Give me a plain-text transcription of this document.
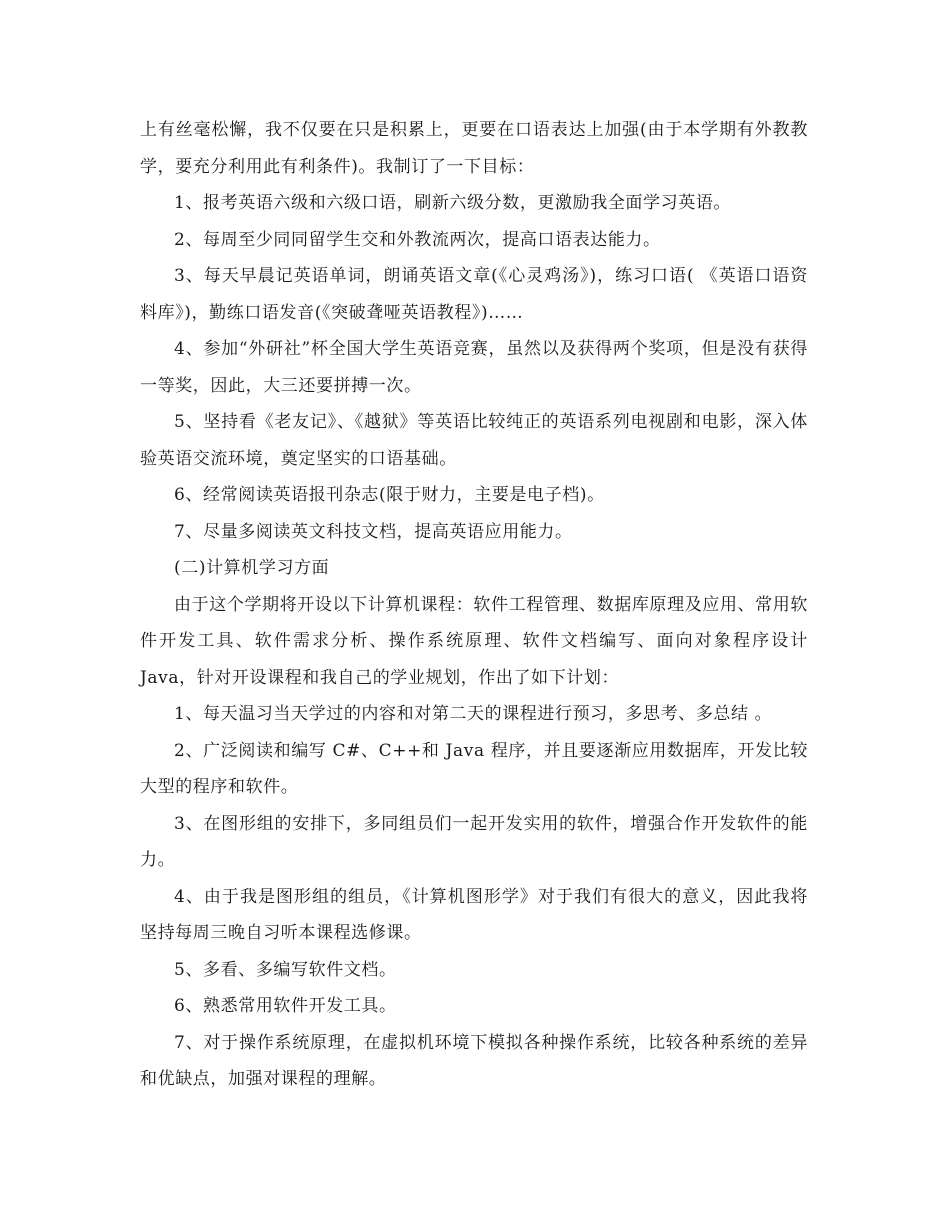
上有丝毫松懈，我不仅要在只是积累上，更要在口语表达上加强(由于本学期有外教教学，要充分利用此有利条件)。我制订了一下目标：

1、报考英语六级和六级口语，刷新六级分数，更激励我全面学习英语。

2、每周至少同同留学生交和外教流两次，提高口语表达能力。

3、每天早晨记英语单词，朗诵英语文章(《心灵鸡汤》)，练习口语( 《英语口语资料库》)，勤练口语发音(《突破聋哑英语教程》)……

4、参加“外研社”杯全国大学生英语竞赛，虽然以及获得两个奖项，但是没有获得一等奖，因此，大三还要拼搏一次。

5、坚持看《老友记》、《越狱》等英语比较纯正的英语系列电视剧和电影，深入体验英语交流环境，奠定坚实的口语基础。

6、经常阅读英语报刊杂志(限于财力，主要是电子档)。

7、尽量多阅读英文科技文档，提高英语应用能力。

(二)计算机学习方面

由于这个学期将开设以下计算机课程：软件工程管理、数据库原理及应用、常用软件开发工具、软件需求分析、操作系统原理、软件文档编写、面向对象程序设计 Java，针对开设课程和我自己的学业规划，作出了如下计划：

1、每天温习当天学过的内容和对第二天的课程进行预习，多思考、多总结 。

2、广泛阅读和编写 C#、C++和 Java 程序，并且要逐渐应用数据库，开发比较大型的程序和软件。

3、在图形组的安排下，多同组员们一起开发实用的软件，增强合作开发软件的能力。

4、由于我是图形组的组员，《计算机图形学》对于我们有很大的意义，因此我将坚持每周三晚自习听本课程选修课。

5、多看、多编写软件文档。

6、熟悉常用软件开发工具。

7、对于操作系统原理，在虚拟机环境下模拟各种操作系统，比较各种系统的差异和优缺点，加强对课程的理解。
